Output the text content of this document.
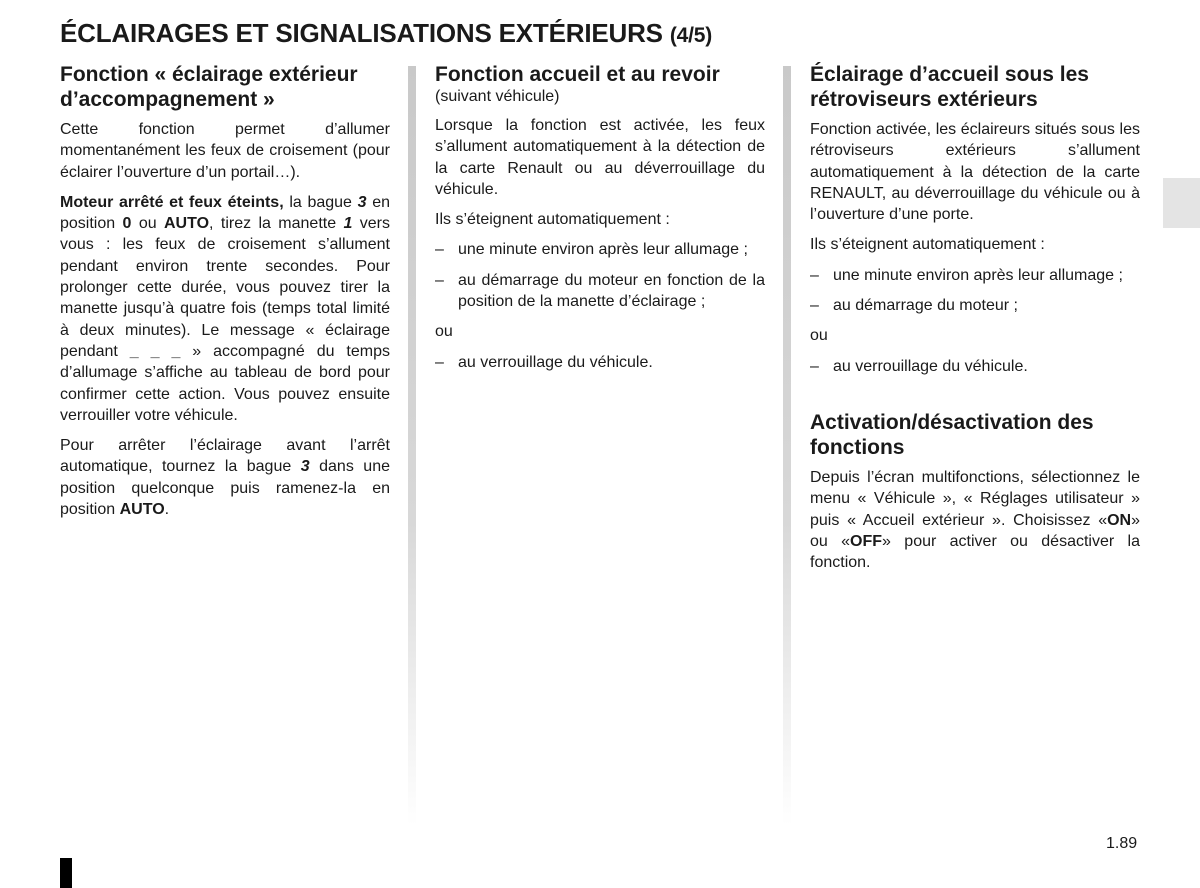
ÉCLAIRAGES ET SIGNALISATIONS EXTÉRIEURS (4/5)
Fonction « éclairage extérieur d’accompagnement »

Cette fonction permet d’allumer momentanément les feux de croisement (pour éclairer l’ouverture d’un portail…).

Moteur arrêté et feux éteints, la bague 3 en position 0 ou AUTO, tirez la manette 1 vers vous : les feux de croisement s’allument pendant environ trente secondes. Pour prolonger cette durée, vous pouvez tirer la manette jusqu’à quatre fois (temps total limité à deux minutes). Le message « éclairage pendant _ _ _ » accompagné du temps d’allumage s’affiche au tableau de bord pour confirmer cette action. Vous pouvez ensuite verrouiller votre véhicule.

Pour arrêter l’éclairage avant l’arrêt automatique, tournez la bague 3 dans une position quelconque puis ramenez-la en position AUTO.

Fonction accueil et au revoir
(suivant véhicule)

Lorsque la fonction est activée, les feux s’allument automatiquement à la détection de la carte Renault ou au déverrouillage du véhicule.

Ils s’éteignent automatiquement :

– une minute environ après leur allumage ;
– au démarrage du moteur en fonction de la position de la manette d’éclairage ;
ou
– au verrouillage du véhicule.
Éclairage d’accueil sous les rétroviseurs extérieurs

Fonction activée, les éclaireurs situés sous les rétroviseurs extérieurs s’allument automatiquement à la détection de la carte RENAULT, au déverrouillage du véhicule ou à l’ouverture d’une porte.

Ils s’éteignent automatiquement :

– une minute environ après leur allumage ;
– au démarrage du moteur ;
ou
– au verrouillage du véhicule.
Activation/désactivation des fonctions

Depuis l’écran multifonctions, sélectionnez le menu « Véhicule », « Réglages utilisateur » puis « Accueil extérieur ». Choisissez «ON» ou «OFF» pour activer ou désactiver la fonction.

1.89
